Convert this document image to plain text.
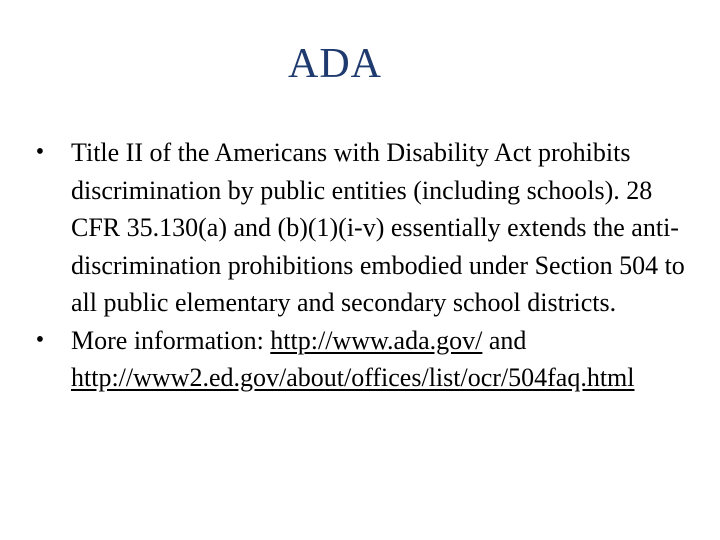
ADA
• Title II of the Americans with Disability Act prohibits discrimination by public entities (including schools). 28 CFR 35.130(a) and (b)(1)(i-v) essentially extends the anti-discrimination prohibitions embodied under Section 504 to all public elementary and secondary school districts.
• More information: http://www.ada.gov/ and http://www2.ed.gov/about/offices/list/ocr/504faq.html
